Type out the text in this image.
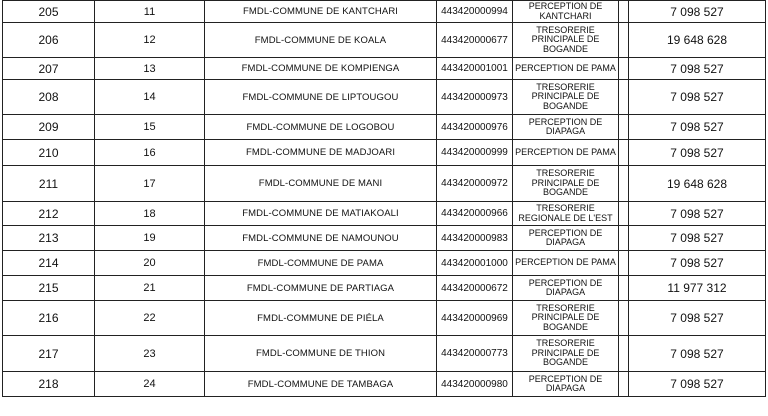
205	11	FMDL-COMMUNE DE KANTCHARI	443420000994	PERCEPTION DE KANTCHARI		7 098 527
206	12	FMDL-COMMUNE DE KOALA	443420000677	TRESORERIE PRINCIPALE DE BOGANDE		19 648 628
207	13	FMDL-COMMUNE DE KOMPIENGA	443420001001	PERCEPTION DE PAMA		7 098 527
208	14	FMDL-COMMUNE DE LIPTOUGOU	443420000973	TRESORERIE PRINCIPALE DE BOGANDE		7 098 527
209	15	FMDL-COMMUNE DE LOGOBOU	443420000976	PERCEPTION DE DIAPAGA		7 098 527
210	16	FMDL-COMMUNE DE MADJOARI	443420000999	PERCEPTION DE PAMA		7 098 527
211	17	FMDL-COMMUNE DE MANI	443420000972	TRESORERIE PRINCIPALE DE BOGANDE		19 648 628
212	18	FMDL-COMMUNE DE MATIAKOALI	443420000966	TRESORERIE REGIONALE DE L'EST		7 098 527
213	19	FMDL-COMMUNE DE NAMOUNOU	443420000983	PERCEPTION DE DIAPAGA		7 098 527
214	20	FMDL-COMMUNE DE PAMA	443420001000	PERCEPTION DE PAMA		7 098 527
215	21	FMDL-COMMUNE DE PARTIAGA	443420000672	PERCEPTION DE DIAPAGA		11 977 312
216	22	FMDL-COMMUNE DE PIÉLA	443420000969	TRESORERIE PRINCIPALE DE BOGANDE		7 098 527
217	23	FMDL-COMMUNE DE THION	443420000773	TRESORERIE PRINCIPALE DE BOGANDE		7 098 527
218	24	FMDL-COMMUNE DE TAMBAGA	443420000980	PERCEPTION DE DIAPAGA		7 098 527
